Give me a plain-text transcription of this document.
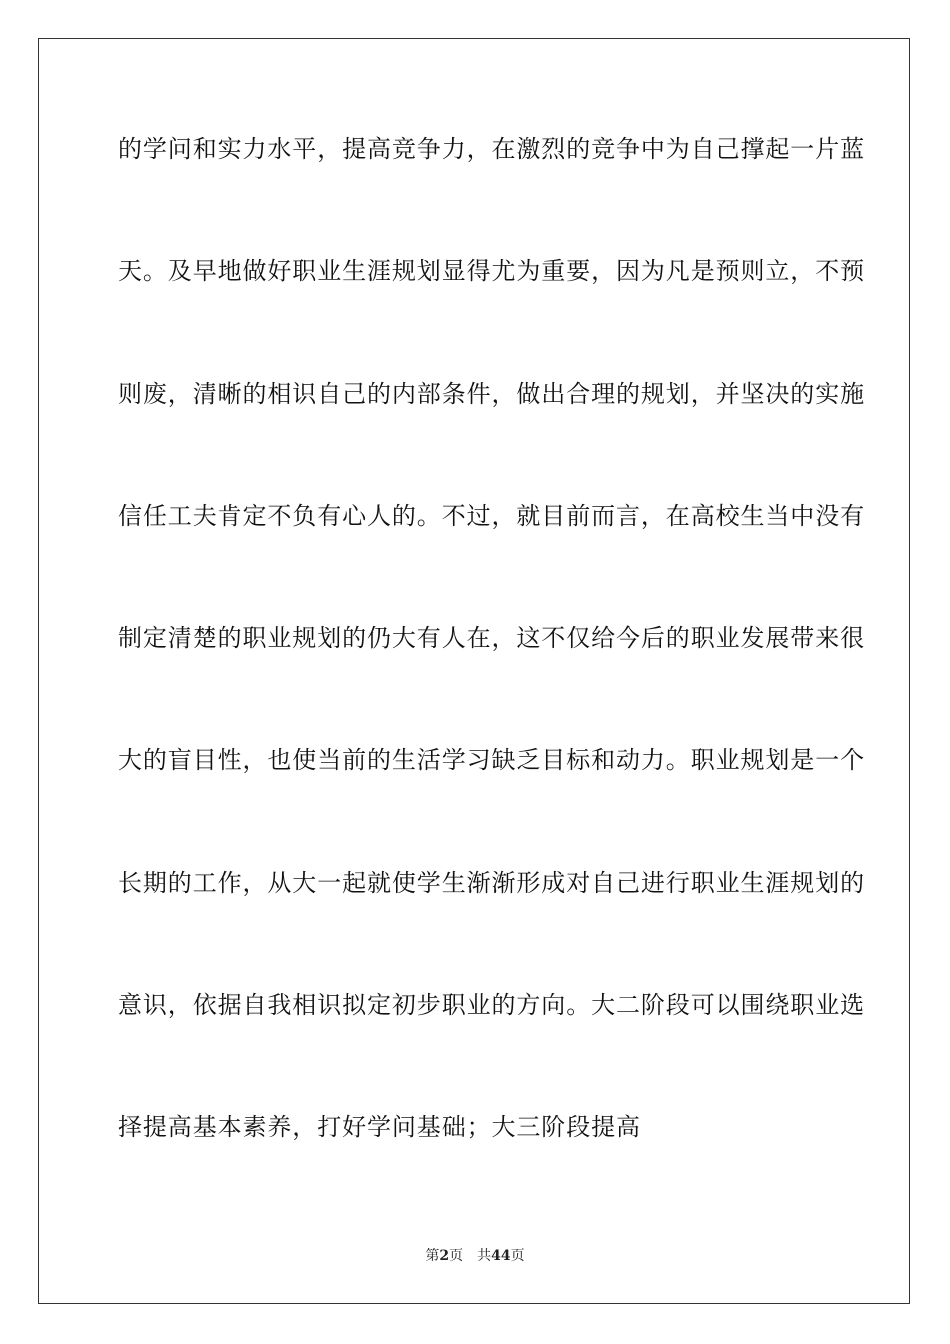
的学问和实力水平，提高竞争力，在激烈的竞争中为自己撑起一片蓝
天。及早地做好职业生涯规划显得尤为重要，因为凡是预则立，不预
则废，清晰的相识自己的内部条件，做出合理的规划，并坚决的实施
信任工夫肯定不负有心人的。不过，就目前而言，在高校生当中没有
制定清楚的职业规划的仍大有人在，这不仅给今后的职业发展带来很
大的盲目性，也使当前的生活学习缺乏目标和动力。职业规划是一个
长期的工作，从大一起就使学生渐渐形成对自己进行职业生涯规划的
意识，依据自我相识拟定初步职业的方向。大二阶段可以围绕职业选
择提高基本素养，打好学问基础；大三阶段提高
第2页 共44页
